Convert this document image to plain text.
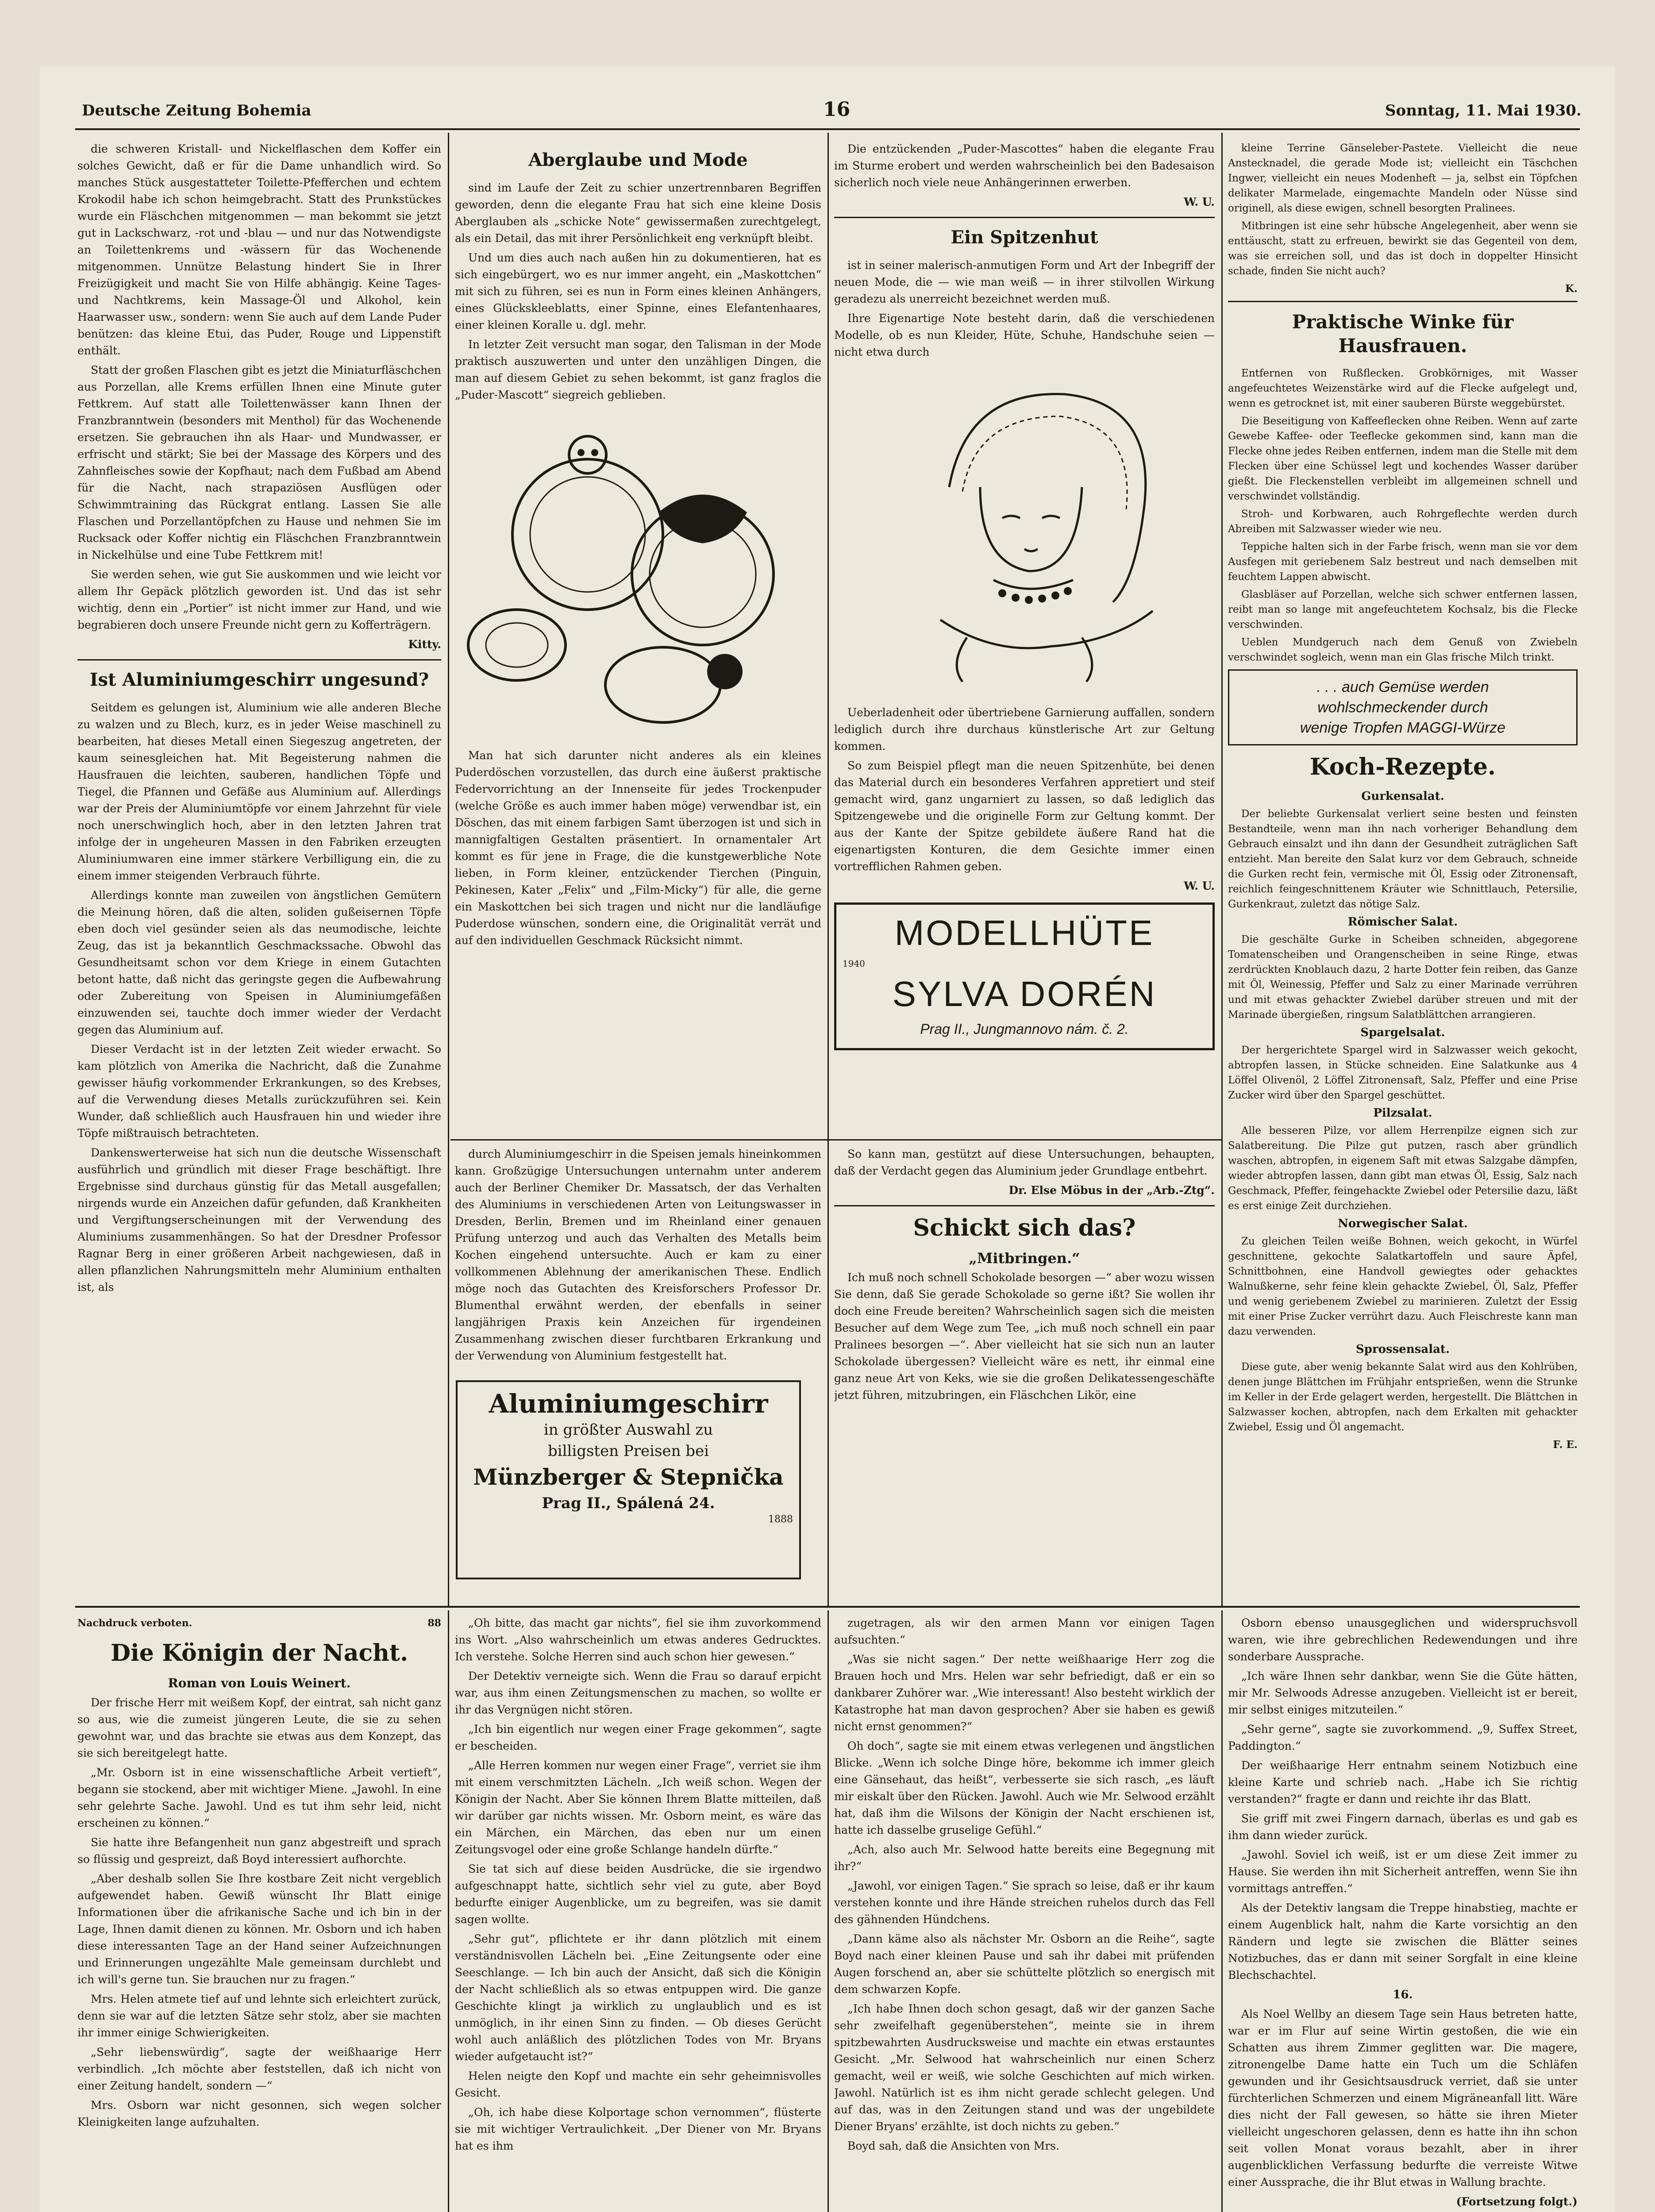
Deutsche Zeitung Bohemia	16	Sonntag, 11. Mai 1930.

die schweren Kristall- und Nickelflaschen dem Koffer ein solches Gewicht, daß er für die Dame unhandlich wird. So manches Stück ausgestatteter Toilette-Pfefferchen und echtem Krokodil habe ich schon heimgebracht. Statt des Prunkstückes wurde ein Fläschchen mitgenommen — man bekommt sie jetzt gut in Lackschwarz, -rot und -blau — und nur das Notwendigste an Toilettenkrems und -wässern für das Wochenende mitgenommen. Unnütze Belastung hindert Sie in Ihrer Freizügigkeit und macht Sie von Hilfe abhängig. Keine Tages- und Nachtkrems, kein Massage-Öl und Alkohol, kein Haarwasser usw., sondern: wenn Sie auch auf dem Lande Puder benützen: das kleine Etui, das Puder, Rouge und Lippenstift enthält.

Statt der großen Flaschen gibt es jetzt die Miniaturfläschchen aus Porzellan, alle Krems erfüllen Ihnen eine Minute guter Fettkrem. Auf statt alle Toilettenwässer kann Ihnen der Franzbranntwein (besonders mit Menthol) für das Wochenende ersetzen. Sie gebrauchen ihn als Haar- und Mundwasser, er erfrischt und stärkt; Sie bei der Massage des Körpers und des Zahnfleisches sowie der Kopfhaut; nach dem Fußbad am Abend für die Nacht, nach strapaziösen Ausflügen oder Schwimmtraining das Rückgrat entlang. Lassen Sie alle Flaschen und Porzellantöpfchen zu Hause und nehmen Sie im Rucksack oder Koffer nichtig ein Fläschchen Franzbranntwein in Nickelhülse und eine Tube Fettkrem mit!

Sie werden sehen, wie gut Sie auskommen und wie leicht vor allem Ihr Gepäck plötzlich geworden ist. Und das ist sehr wichtig, denn ein „Portier“ ist nicht immer zur Hand, und wie begrabieren doch unsere Freunde nicht gern zu Kofferträgern.

Kitty.
Ist Aluminiumgeschirr ungesund?

Seitdem es gelungen ist, Aluminium wie alle anderen Bleche zu walzen und zu Blech, kurz, es in jeder Weise maschinell zu bearbeiten, hat dieses Metall einen Siegeszug angetreten, der kaum seinesgleichen hat. Mit Begeisterung nahmen die Hausfrauen die leichten, sauberen, handlichen Töpfe und Tiegel, die Pfannen und Gefäße aus Aluminium auf. Allerdings war der Preis der Aluminiumtöpfe vor einem Jahrzehnt für viele noch unerschwinglich hoch, aber in den letzten Jahren trat infolge der in ungeheuren Massen in den Fabriken erzeugten Aluminiumwaren eine immer stärkere Verbilligung ein, die zu einem immer steigenden Verbrauch führte.

Allerdings konnte man zuweilen von ängstlichen Gemütern die Meinung hören, daß die alten, soliden gußeisernen Töpfe eben doch viel gesünder seien als das neumodische, leichte Zeug, das ist ja bekanntlich Geschmackssache. Obwohl das Gesundheitsamt schon vor dem Kriege in einem Gutachten betont hatte, daß nicht das geringste gegen die Aufbewahrung oder Zubereitung von Speisen in Aluminiumgefäßen einzuwenden sei, tauchte doch immer wieder der Verdacht gegen das Aluminium auf.

Dieser Verdacht ist in der letzten Zeit wieder erwacht. So kam plötzlich von Amerika die Nachricht, daß die Zunahme gewisser häufig vorkommender Erkrankungen, so des Krebses, auf die Verwendung dieses Metalls zurückzuführen sei. Kein Wunder, daß schließlich auch Hausfrauen hin und wieder ihre Töpfe mißtrauisch betrachteten.

Dankenswerterweise hat sich nun die deutsche Wissenschaft ausführlich und gründlich mit dieser Frage beschäftigt. Ihre Ergebnisse sind durchaus günstig für das Metall ausgefallen; nirgends wurde ein Anzeichen dafür gefunden, daß Krankheiten und Vergiftungserscheinungen mit der Verwendung des Aluminiums zusammenhängen. So hat der Dresdner Professor Ragnar Berg in einer größeren Arbeit nachgewiesen, daß in allen pflanzlichen Nahrungsmitteln mehr Aluminium enthalten ist, als

Aberglaube und Mode

sind im Laufe der Zeit zu schier unzertrennbaren Begriffen geworden, denn die elegante Frau hat sich eine kleine Dosis Aberglauben als „schicke Note“ gewissermaßen zurechtgelegt, als ein Detail, das mit ihrer Persönlichkeit eng verknüpft bleibt.

Und um dies auch nach außen hin zu dokumentieren, hat es sich eingebürgert, wo es nur immer angeht, ein „Maskottchen“ mit sich zu führen, sei es nun in Form eines kleinen Anhängers, eines Glückskleeblatts, einer Spinne, eines Elefantenhaares, einer kleinen Koralle u. dgl. mehr.

In letzter Zeit versucht man sogar, den Talisman in der Mode praktisch auszuwerten und unter den unzähligen Dingen, die man auf diesem Gebiet zu sehen bekommt, ist ganz fraglos die „Puder-Mascott“ siegreich geblieben.

Man hat sich darunter nicht anderes als ein kleines Puderdöschen vorzustellen, das durch eine äußerst praktische Federvorrichtung an der Innenseite für jedes Trockenpuder (welche Größe es auch immer haben möge) verwendbar ist, ein Döschen, das mit einem farbigen Samt überzogen ist und sich in mannigfaltigen Gestalten präsentiert. In ornamentaler Art kommt es für jene in Frage, die die kunstgewerbliche Note lieben, in Form kleiner, entzückender Tierchen (Pinguin, Pekinesen, Kater „Felix“ und „Film-Micky“) für alle, die gerne ein Maskottchen bei sich tragen und nicht nur die landläufige Puderdose wünschen, sondern eine, die Originalität verrät und auf den individuellen Geschmack Rücksicht nimmt.

Die entzückenden „Puder-Mascottes“ haben die elegante Frau im Sturme erobert und werden wahrscheinlich bei den Badesaison sicherlich noch viele neue Anhängerinnen erwerben.

W. U.
Ein Spitzenhut

ist in seiner malerisch-anmutigen Form und Art der Inbegriff der neuen Mode, die — wie man weiß — in ihrer stilvollen Wirkung geradezu als unerreicht bezeichnet werden muß.

Ihre Eigenartige Note besteht darin, daß die verschiedenen Modelle, ob es nun Kleider, Hüte, Schuhe, Handschuhe seien — nicht etwa durch

Ueberladenheit oder übertriebene Garnierung auffallen, sondern lediglich durch ihre durchaus künstlerische Art zur Geltung kommen.

So zum Beispiel pflegt man die neuen Spitzenhüte, bei denen das Material durch ein besonderes Verfahren appretiert und steif gemacht wird, ganz ungarniert zu lassen, so daß lediglich das Spitzengewebe und die originelle Form zur Geltung kommt. Der aus der Kante der Spitze gebildete äußere Rand hat die eigenartigsten Konturen, die dem Gesichte immer einen vortrefflichen Rahmen geben.

W. U.
MODELLHÜTE
1940
SYLVA DORÉN
Prag II., Jungmannovo nám. č. 2.

kleine Terrine Gänseleber-Pastete. Vielleicht die neue Anstecknadel, die gerade Mode ist; vielleicht ein Täschchen Ingwer, vielleicht ein neues Modenheft — ja, selbst ein Töpfchen delikater Marmelade, eingemachte Mandeln oder Nüsse sind originell, als diese ewigen, schnell besorgten Pralinees.

Mitbringen ist eine sehr hübsche Angelegenheit, aber wenn sie enttäuscht, statt zu erfreuen, bewirkt sie das Gegenteil von dem, was sie erreichen soll, und das ist doch in doppelter Hinsicht schade, finden Sie nicht auch?

K.
Praktische Winke für Hausfrauen.

Entfernen von Rußflecken. Grobkörniges, mit Wasser angefeuchtetes Weizenstärke wird auf die Flecke aufgelegt und, wenn es getrocknet ist, mit einer sauberen Bürste weggebürstet.

Die Beseitigung von Kaffeeflecken ohne Reiben. Wenn auf zarte Gewebe Kaffee- oder Teeflecke gekommen sind, kann man die Flecke ohne jedes Reiben entfernen, indem man die Stelle mit dem Flecken über eine Schüssel legt und kochendes Wasser darüber gießt. Die Fleckenstellen verbleibt im allgemeinen schnell und verschwindet vollständig.

Stroh- und Korbwaren, auch Rohrgeflechte werden durch Abreiben mit Salzwasser wieder wie neu.

Teppiche halten sich in der Farbe frisch, wenn man sie vor dem Ausfegen mit geriebenem Salz bestreut und nach demselben mit feuchtem Lappen abwischt.

Glasbläser auf Porzellan, welche sich schwer entfernen lassen, reibt man so lange mit angefeuchtetem Kochsalz, bis die Flecke verschwinden.

Ueblen Mundgeruch nach dem Genuß von Zwiebeln verschwindet sogleich, wenn man ein Glas frische Milch trinkt.

. . . auch Gemüse werden
wohlschmeckender durch
wenige Tropfen MAGGI-Würze
Koch-Rezepte.
Gurkensalat.

Der beliebte Gurkensalat verliert seine besten und feinsten Bestandteile, wenn man ihn nach vorheriger Behandlung dem Gebrauch einsalzt und ihn dann der Gesundheit zuträglichen Saft entzieht. Man bereite den Salat kurz vor dem Gebrauch, schneide die Gurken recht fein, vermische mit Öl, Essig oder Zitronensaft, reichlich feingeschnittenem Kräuter wie Schnittlauch, Petersilie, Gurkenkraut, zuletzt das nötige Salz.

Römischer Salat.

Die geschälte Gurke in Scheiben schneiden, abgegorene Tomatenscheiben und Orangenscheiben in seine Ringe, etwas zerdrückten Knoblauch dazu, 2 harte Dotter fein reiben, das Ganze mit Öl, Weinessig, Pfeffer und Salz zu einer Marinade verrühren und mit etwas gehackter Zwiebel darüber streuen und mit der Marinade übergießen, ringsum Salatblättchen arrangieren.

Spargelsalat.

Der hergerichtete Spargel wird in Salzwasser weich gekocht, abtropfen lassen, in Stücke schneiden. Eine Salatkunke aus 4 Löffel Olivenöl, 2 Löffel Zitronensaft, Salz, Pfeffer und eine Prise Zucker wird über den Spargel geschüttet.

Pilzsalat.

Alle besseren Pilze, vor allem Herrenpilze eignen sich zur Salatbereitung. Die Pilze gut putzen, rasch aber gründlich waschen, abtropfen, in eigenem Saft mit etwas Salzgabe dämpfen, wieder abtropfen lassen, dann gibt man etwas Öl, Essig, Salz nach Geschmack, Pfeffer, feingehackte Zwiebel oder Petersilie dazu, läßt es erst einige Zeit durchziehen.

Norwegischer Salat.

Zu gleichen Teilen weiße Bohnen, weich gekocht, in Würfel geschnittene, gekochte Salatkartoffeln und saure Äpfel, Schnittbohnen, eine Handvoll gewiegtes oder gehacktes Walnußkerne, sehr feine klein gehackte Zwiebel, Öl, Salz, Pfeffer und wenig geriebenem Zwiebel zu marinieren. Zuletzt der Essig mit einer Prise Zucker verrührt dazu. Auch Fleischreste kann man dazu verwenden.

Sprossensalat.

Diese gute, aber wenig bekannte Salat wird aus den Kohlrüben, denen junge Blättchen im Frühjahr entsprießen, wenn die Strunke im Keller in der Erde gelagert werden, hergestellt. Die Blättchen in Salzwasser kochen, abtropfen, nach dem Erkalten mit gehackter Zwiebel, Essig und Öl angemacht.

F. E.

durch Aluminiumgeschirr in die Speisen jemals hineinkommen kann. Großzügige Untersuchungen unternahm unter anderem auch der Berliner Chemiker Dr. Massatsch, der das Verhalten des Aluminiums in verschiedenen Arten von Leitungswasser in Dresden, Berlin, Bremen und im Rheinland einer genauen Prüfung unterzog und auch das Verhalten des Metalls beim Kochen eingehend untersuchte. Auch er kam zu einer vollkommenen Ablehnung der amerikanischen These. Endlich möge noch das Gutachten des Kreisforschers Professor Dr. Blumenthal erwähnt werden, der ebenfalls in seiner langjährigen Praxis kein Anzeichen für irgendeinen Zusammenhang zwischen dieser furchtbaren Erkrankung und der Verwendung von Aluminium festgestellt hat.

Aluminiumgeschirr
in größter Auswahl zu
billigsten Preisen bei
Münzberger & Stepnička
Prag II., Spálená 24.
1888

So kann man, gestützt auf diese Untersuchungen, behaupten, daß der Verdacht gegen das Aluminium jeder Grundlage entbehrt.

Dr. Else Möbus in der „Arb.-Ztg“.
Schickt sich das?
„Mitbringen.“

Ich muß noch schnell Schokolade besorgen —“ aber wozu wissen Sie denn, daß Sie gerade Schokolade so gerne ißt? Sie wollen ihr doch eine Freude bereiten? Wahrscheinlich sagen sich die meisten Besucher auf dem Wege zum Tee, „ich muß noch schnell ein paar Pralinees besorgen —“. Aber vielleicht hat sie sich nun an lauter Schokolade übergessen? Vielleicht wäre es nett, ihr einmal eine ganz neue Art von Keks, wie sie die großen Delikatessengeschäfte jetzt führen, mitzubringen, ein Fläschchen Likör, eine

Nachdruck verboten.	88
Die Königin der Nacht.
Roman von Louis Weinert.

Der frische Herr mit weißem Kopf, der eintrat, sah nicht ganz so aus, wie die zumeist jüngeren Leute, die sie zu sehen gewohnt war, und das brachte sie etwas aus dem Konzept, das sie sich bereitgelegt hatte.

„Mr. Osborn ist in eine wissenschaftliche Arbeit vertieft“, begann sie stockend, aber mit wichtiger Miene. „Jawohl. In eine sehr gelehrte Sache. Jawohl. Und es tut ihm sehr leid, nicht erscheinen zu können.“

Sie hatte ihre Befangenheit nun ganz abgestreift und sprach so flüssig und gespreizt, daß Boyd interessiert aufhorchte.

„Aber deshalb sollen Sie Ihre kostbare Zeit nicht vergeblich aufgewendet haben. Gewiß wünscht Ihr Blatt einige Informationen über die afrikanische Sache und ich bin in der Lage, Ihnen damit dienen zu können. Mr. Osborn und ich haben diese interessanten Tage an der Hand seiner Aufzeichnungen und Erinnerungen ungezählte Male gemeinsam durchlebt und ich will's gerne tun. Sie brauchen nur zu fragen.“

Mrs. Helen atmete tief auf und lehnte sich erleichtert zurück, denn sie war auf die letzten Sätze sehr stolz, aber sie machten ihr immer einige Schwierigkeiten.

„Sehr liebenswürdig“, sagte der weißhaarige Herr verbindlich. „Ich möchte aber feststellen, daß ich nicht von einer Zeitung handelt, sondern —“

Mrs. Osborn war nicht gesonnen, sich wegen solcher Kleinigkeiten lange aufzuhalten.

„Oh bitte, das macht gar nichts“, fiel sie ihm zuvorkommend ins Wort. „Also wahrscheinlich um etwas anderes Gedrucktes. Ich verstehe. Solche Herren sind auch schon hier gewesen.“

Der Detektiv verneigte sich. Wenn die Frau so darauf erpicht war, aus ihm einen Zeitungsmenschen zu machen, so wollte er ihr das Vergnügen nicht stören.

„Ich bin eigentlich nur wegen einer Frage gekommen“, sagte er bescheiden.

„Alle Herren kommen nur wegen einer Frage“, verriet sie ihm mit einem verschmitzten Lächeln. „Ich weiß schon. Wegen der Königin der Nacht. Aber Sie können Ihrem Blatte mitteilen, daß wir darüber gar nichts wissen. Mr. Osborn meint, es wäre das ein Märchen, ein Märchen, das eben nur um einen Zeitungsvogel oder eine große Schlange handeln dürfte.“

Sie tat sich auf diese beiden Ausdrücke, die sie irgendwo aufgeschnappt hatte, sichtlich sehr viel zu gute, aber Boyd bedurfte einiger Augenblicke, um zu begreifen, was sie damit sagen wollte.

„Sehr gut“, pflichtete er ihr dann plötzlich mit einem verständnisvollen Lächeln bei. „Eine Zeitungsente oder eine Seeschlange. — Ich bin auch der Ansicht, daß sich die Königin der Nacht schließlich als so etwas entpuppen wird. Die ganze Geschichte klingt ja wirklich zu unglaublich und es ist unmöglich, in ihr einen Sinn zu finden. — Ob dieses Gerücht wohl auch anläßlich des plötzlichen Todes von Mr. Bryans wieder aufgetaucht ist?“

Helen neigte den Kopf und machte ein sehr geheimnisvolles Gesicht.

„Oh, ich habe diese Kolportage schon vernommen“, flüsterte sie mit wichtiger Vertraulichkeit. „Der Diener von Mr. Bryans hat es ihm

zugetragen, als wir den armen Mann vor einigen Tagen aufsuchten.“

„Was sie nicht sagen.“ Der nette weißhaarige Herr zog die Brauen hoch und Mrs. Helen war sehr befriedigt, daß er ein so dankbarer Zuhörer war. „Wie interessant! Also besteht wirklich der Katastrophe hat man davon gesprochen? Aber sie haben es gewiß nicht ernst genommen?“

Oh doch“, sagte sie mit einem etwas verlegenen und ängstlichen Blicke. „Wenn ich solche Dinge höre, bekomme ich immer gleich eine Gänsehaut, das heißt“, verbesserte sie sich rasch, „es läuft mir eiskalt über den Rücken. Jawohl. Auch wie Mr. Selwood erzählt hat, daß ihm die Wilsons der Königin der Nacht erschienen ist, hatte ich dasselbe gruselige Gefühl.“

„Ach, also auch Mr. Selwood hatte bereits eine Begegnung mit ihr?“

„Jawohl, vor einigen Tagen.“ Sie sprach so leise, daß er ihr kaum verstehen konnte und ihre Hände streichen ruhelos durch das Fell des gähnenden Hündchens.

„Dann käme also als nächster Mr. Osborn an die Reihe“, sagte Boyd nach einer kleinen Pause und sah ihr dabei mit prüfenden Augen forschend an, aber sie schüttelte plötzlich so energisch mit dem schwarzen Kopfe.

„Ich habe Ihnen doch schon gesagt, daß wir der ganzen Sache sehr zweifelhaft gegenüberstehen“, meinte sie in ihrem spitzbewahrten Ausdrucksweise und machte ein etwas erstauntes Gesicht. „Mr. Selwood hat wahrscheinlich nur einen Scherz gemacht, weil er weiß, wie solche Geschichten auf mich wirken. Jawohl. Natürlich ist es ihm nicht gerade schlecht gelegen. Und auf das, was in den Zeitungen stand und was der ungebildete Diener Bryans' erzählte, ist doch nichts zu geben.“

Boyd sah, daß die Ansichten von Mrs.

Osborn ebenso unausgeglichen und widerspruchsvoll waren, wie ihre gebrechlichen Redewendungen und ihre sonderbare Aussprache.

„Ich wäre Ihnen sehr dankbar, wenn Sie die Güte hätten, mir Mr. Selwoods Adresse anzugeben. Vielleicht ist er bereit, mir selbst einiges mitzuteilen.“

„Sehr gerne“, sagte sie zuvorkommend. „9, Suffex Street, Paddington.“

Der weißhaarige Herr entnahm seinem Notizbuch eine kleine Karte und schrieb nach. „Habe ich Sie richtig verstanden?“ fragte er dann und reichte ihr das Blatt.

Sie griff mit zwei Fingern darnach, überlas es und gab es ihm dann wieder zurück.

„Jawohl. Soviel ich weiß, ist er um diese Zeit immer zu Hause. Sie werden ihn mit Sicherheit antreffen, wenn Sie ihn vormittags antreffen.“

Als der Detektiv langsam die Treppe hinabstieg, machte er einem Augenblick halt, nahm die Karte vorsichtig an den Rändern und legte sie zwischen die Blätter seines Notizbuches, das er dann mit seiner Sorgfalt in eine kleine Blechschachtel.

16.

Als Noel Wellby an diesem Tage sein Haus betreten hatte, war er im Flur auf seine Wirtin gestoßen, die wie ein Schatten aus ihrem Zimmer geglitten war. Die magere, zitronengelbe Dame hatte ein Tuch um die Schläfen gewunden und ihr Gesichtsausdruck verriet, daß sie unter fürchterlichen Schmerzen und einem Migräneanfall litt. Wäre dies nicht der Fall gewesen, so hätte sie ihren Mieter vielleicht ungeschoren gelassen, denn es hatte ihn ihn schon seit vollen Monat voraus bezahlt, aber in ihrer augenblicklichen Verfassung bedurfte die verreiste Witwe einer Aussprache, die ihr Blut etwas in Wallung brachte.

(Fortsetzung folgt.)
